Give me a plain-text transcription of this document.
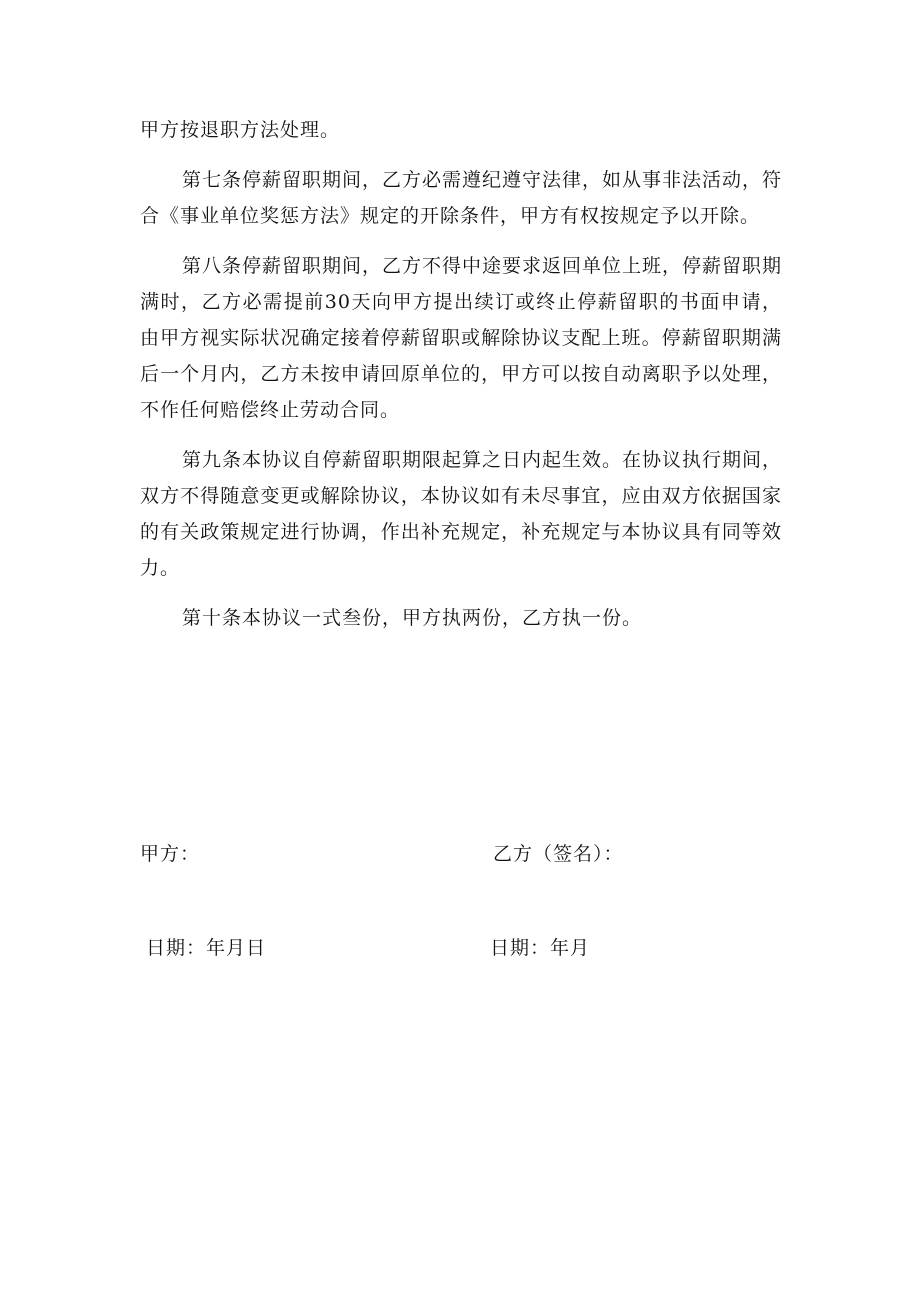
甲方按退职方法处理。

第七条停薪留职期间，乙方必需遵纪遵守法律，如从事非法活动，符合《事业单位奖惩方法》规定的开除条件，甲方有权按规定予以开除。

第八条停薪留职期间，乙方不得中途要求返回单位上班，停薪留职期满时，乙方必需提前30天向甲方提出续订或终止停薪留职的书面申请，由甲方视实际状况确定接着停薪留职或解除协议支配上班。停薪留职期满后一个月内，乙方未按申请回原单位的，甲方可以按自动离职予以处理，不作任何赔偿终止劳动合同。

第九条本协议自停薪留职期限起算之日内起生效。在协议执行期间，双方不得随意变更或解除协议，本协议如有未尽事宜，应由双方依据国家的有关政策规定进行协调，作出补充规定，补充规定与本协议具有同等效力。

第十条本协议一式叁份，甲方执两份，乙方执一份。

甲方：	乙方（签名）：
日期：年月日	日期：年月
